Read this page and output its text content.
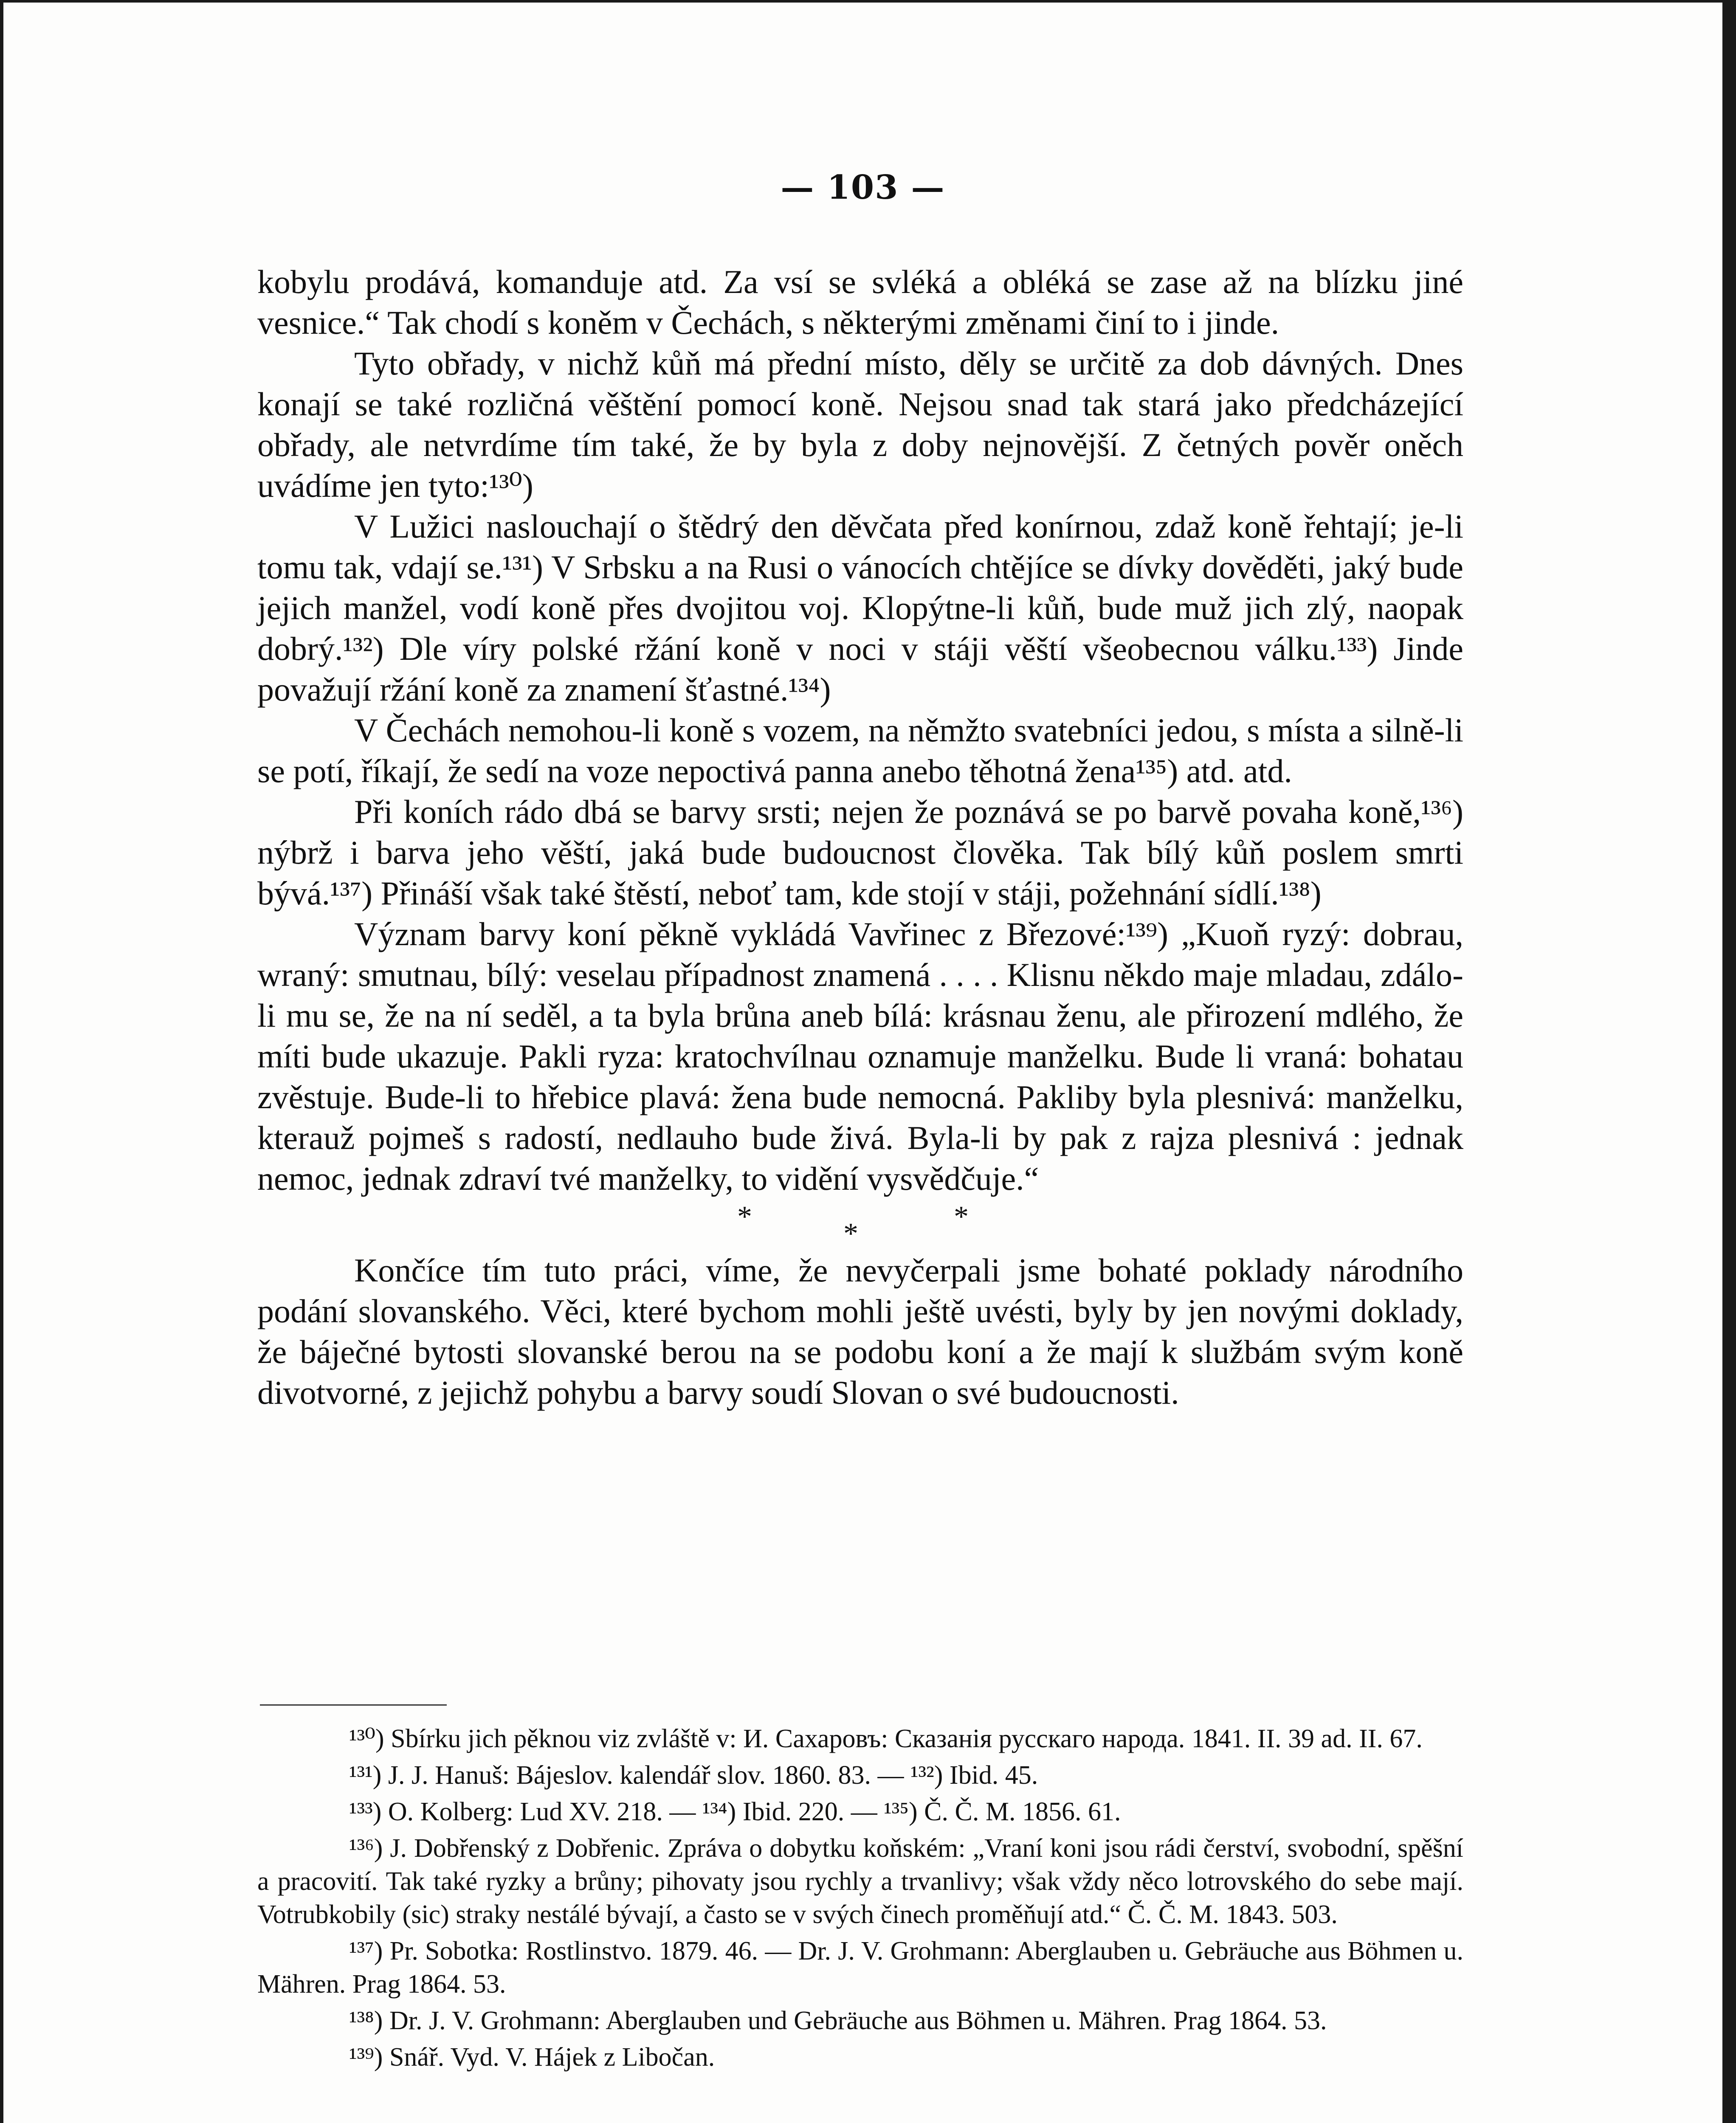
— 103 —

kobylu prodává, komanduje atd. Za vsí se svléká a obléká se zase až na blízku jiné vesnice.“ Tak chodí s koněm v Čechách, s některými změnami činí to i jinde.

Tyto obřady, v nichž kůň má přední místo, děly se určitě za dob dávných. Dnes konají se také rozličná věštění pomocí koně. Nejsou snad tak stará jako předcházející obřady, ale netvrdíme tím také, že by byla z doby nejnovější. Z četných pověr oněch uvádíme jen tyto:¹³⁰)

V Lužici naslouchají o štědrý den děvčata před konírnou, zdaž koně řehtají; je-li tomu tak, vdají se.¹³¹) V Srbsku a na Rusi o vánocích chtějíce se dívky dověděti, jaký bude jejich manžel, vodí koně přes dvojitou voj. Klopýtne-li kůň, bude muž jich zlý, naopak dobrý.¹³²) Dle víry polské ržání koně v noci v stáji věští všeobecnou válku.¹³³) Jinde považují ržání koně za znamení šťastné.¹³⁴)

V Čechách nemohou-li koně s vozem, na němžto svatebníci jedou, s místa a silně-li se potí, říkají, že sedí na voze nepoctivá panna anebo těhotná žena¹³⁵) atd. atd.

Při koních rádo dbá se barvy srsti; nejen že poznává se po barvě povaha koně,¹³⁶) nýbrž i barva jeho věští, jaká bude budoucnost člověka. Tak bílý kůň poslem smrti bývá.¹³⁷) Přináší však také štěstí, neboť tam, kde stojí v stáji, požehnání sídlí.¹³⁸)

Význam barvy koní pěkně vykládá Vavřinec z Březové:¹³⁹) „Kuoň ryzý: dobrau, wraný: smutnau, bílý: veselau případnost znamená . . . . Klisnu někdo maje mladau, zdálo-li mu se, že na ní seděl, a ta byla brůna aneb bílá: krásnau ženu, ale přirození mdlého, že míti bude ukazuje. Pakli ryza: kratochvílnau oznamuje manželku. Bude li vraná: bohatau zvěstuje. Bude-li to hřebice plavá: žena bude nemocná. Pakliby byla plesnivá: manželku, kterauž pojmeš s radostí, nedlauho bude živá. Byla-li by pak z rajza plesnivá : jednak nemoc, jednak zdraví tvé manželky, to vidění vysvědčuje.“

*
*
*

Končíce tím tuto práci, víme, že nevyčerpali jsme bohaté poklady národního podání slovanského. Věci, které bychom mohli ještě uvésti, byly by jen novými doklady, že báječné bytosti slovanské berou na se podobu koní a že mají k službám svým koně divotvorné, z jejichž pohybu a barvy soudí Slovan o své budoucnosti.

¹³⁰) Sbírku jich pěknou viz zvláště v: И. Сахаровъ: Сказанія русскаго народа. 1841. II. 39 ad. II. 67.

¹³¹) J. J. Hanuš: Bájeslov. kalendář slov. 1860. 83. — ¹³²) Ibid. 45.

¹³³) O. Kolberg: Lud XV. 218. — ¹³⁴) Ibid. 220. — ¹³⁵) Č. Č. M. 1856. 61.

¹³⁶) J. Dobřenský z Dobřenic. Zpráva o dobytku koňském: „Vraní koni jsou rádi čerství, svobodní, spěšní a pracovití. Tak také ryzky a brůny; pihovaty jsou rychly a trvanlivy; však vždy něco lotrovského do sebe mají. Votrubkobily (sic) straky nestálé bývají, a často se v svých činech proměňují atd.“ Č. Č. M. 1843. 503.

¹³⁷) Pr. Sobotka: Rostlinstvo. 1879. 46. — Dr. J. V. Grohmann: Aberglauben u. Gebräuche aus Böhmen u. Mähren. Prag 1864. 53.

¹³⁸) Dr. J. V. Grohmann: Aberglauben und Gebräuche aus Böhmen u. Mähren. Prag 1864. 53.

¹³⁹) Snář. Vyd. V. Hájek z Libočan.
